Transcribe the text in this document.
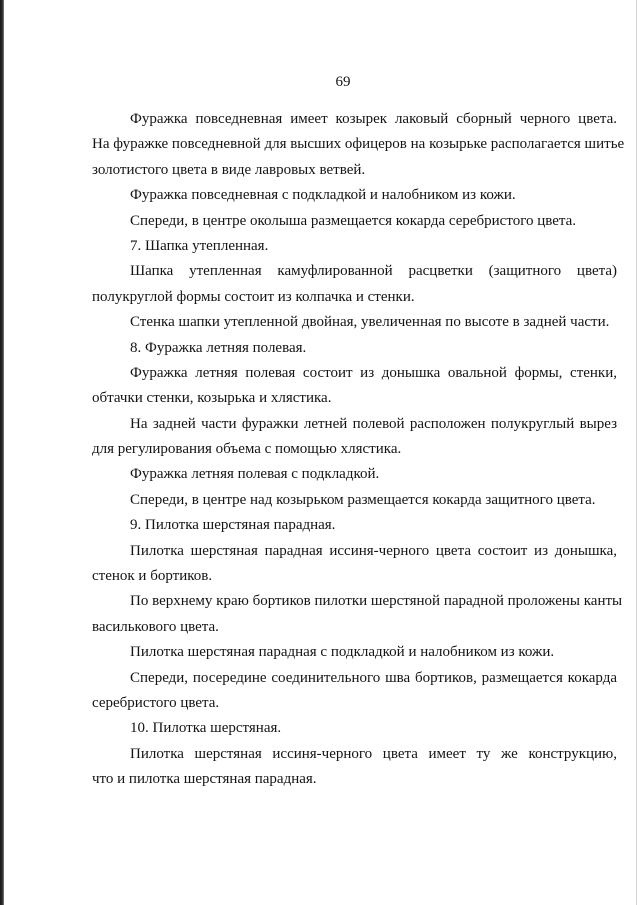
69
Фуражка повседневная имеет козырек лаковый сборный черного цвета.
На фуражке повседневной для высших офицеров на козырьке располагается шитье
золотистого цвета в виде лавровых ветвей.
Фуражка повседневная с подкладкой и налобником из кожи.
Спереди, в центре околыша размещается кокарда серебристого цвета.
7. Шапка утепленная.
Шапка утепленная камуфлированной расцветки (защитного цвета)
полукруглой формы состоит из колпачка и стенки.
Стенка шапки утепленной двойная, увеличенная по высоте в задней части.
8. Фуражка летняя полевая.
Фуражка летняя полевая состоит из донышка овальной формы, стенки,
обтачки стенки, козырька и хлястика.
На задней части фуражки летней полевой расположен полукруглый вырез
для регулирования объема с помощью хлястика.
Фуражка летняя полевая с подкладкой.
Спереди, в центре над козырьком размещается кокарда защитного цвета.
9. Пилотка шерстяная парадная.
Пилотка шерстяная парадная иссиня-черного цвета состоит из донышка,
стенок и бортиков.
По верхнему краю бортиков пилотки шерстяной парадной проложены канты
василькового цвета.
Пилотка шерстяная парадная с подкладкой и налобником из кожи.
Спереди, посередине соединительного шва бортиков, размещается кокарда
серебристого цвета.
10. Пилотка шерстяная.
Пилотка шерстяная иссиня-черного цвета имеет ту же конструкцию,
что и пилотка шерстяная парадная.
